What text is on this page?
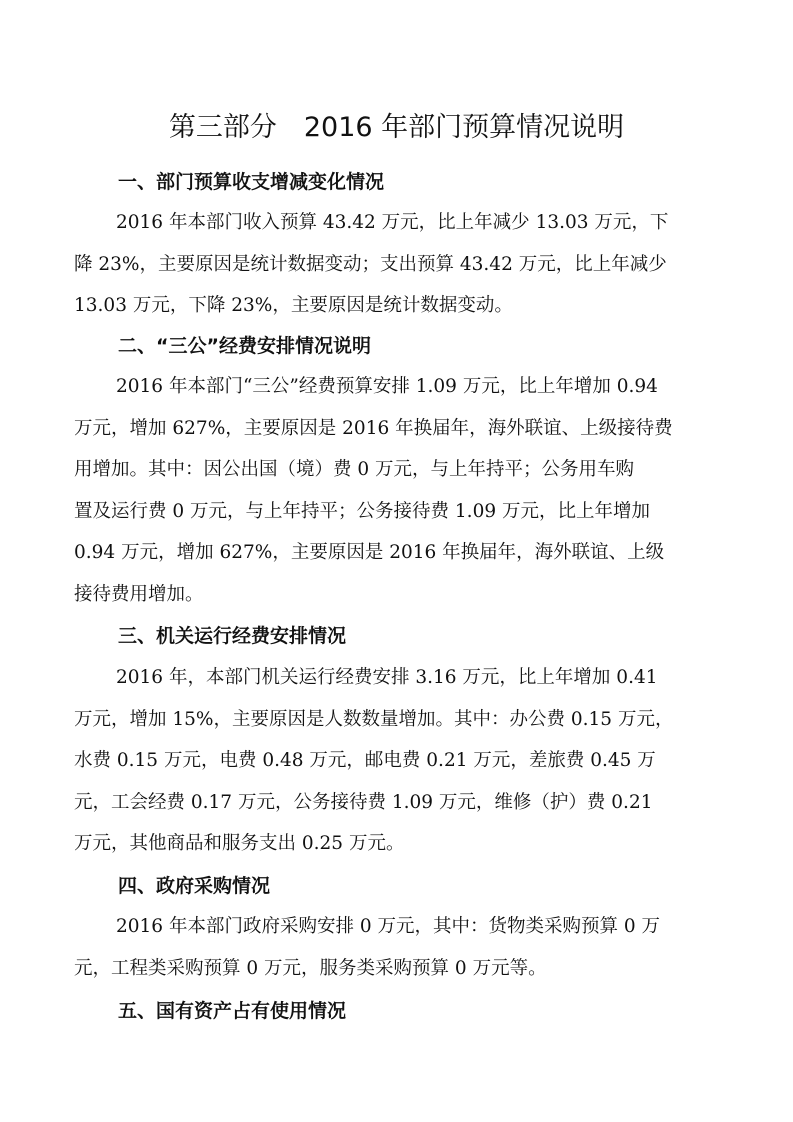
第三部分　2016 年部门预算情况说明
一、部门预算收支增减变化情况
2016 年本部门收入预算 43.42 万元，比上年减少 13.03 万元，下
降 23%，主要原因是统计数据变动；支出预算 43.42 万元，比上年减少
13.03 万元，下降 23%，主要原因是统计数据变动。
二、“三公”经费安排情况说明
2016 年本部门“三公”经费预算安排 1.09 万元，比上年增加 0.94
万元，增加 627%，主要原因是 2016 年换届年，海外联谊、上级接待费
用增加。其中：因公出国（境）费 0 万元，与上年持平；公务用车购
置及运行费 0 万元，与上年持平；公务接待费 1.09 万元，比上年增加
0.94 万元，增加 627%，主要原因是 2016 年换届年，海外联谊、上级
接待费用增加。
三、机关运行经费安排情况
2016 年，本部门机关运行经费安排 3.16 万元，比上年增加 0.41
万元，增加 15%，主要原因是人数数量增加。其中：办公费 0.15 万元，
水费 0.15 万元，电费 0.48 万元，邮电费 0.21 万元，差旅费 0.45 万
元，工会经费 0.17 万元，公务接待费 1.09 万元，维修（护）费 0.21
万元，其他商品和服务支出 0.25 万元。
四、政府采购情况
2016 年本部门政府采购安排 0 万元，其中：货物类采购预算 0 万
元，工程类采购预算 0 万元，服务类采购预算 0 万元等。
五、国有资产占有使用情况
